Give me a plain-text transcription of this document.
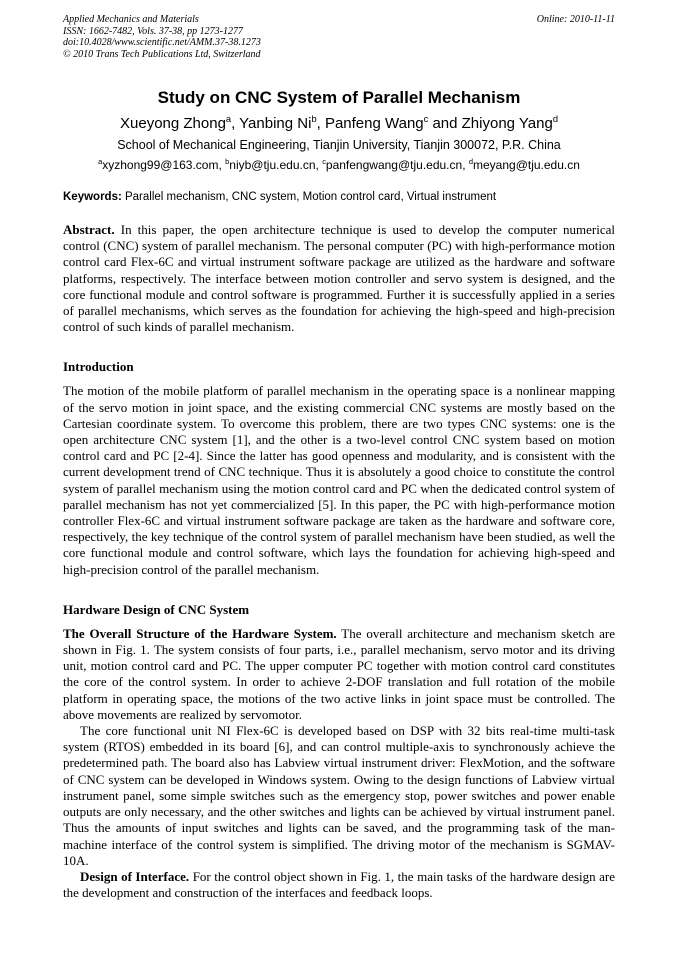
Applied Mechanics and Materials
ISSN: 1662-7482, Vols. 37-38, pp 1273-1277
doi:10.4028/www.scientific.net/AMM.37-38.1273
© 2010 Trans Tech Publications Ltd, Switzerland
Online: 2010-11-11
Study on CNC System of Parallel Mechanism
Xueyong Zhong$^a$, Yanbing Ni$^b$, Panfeng Wang$^c$ and Zhiyong Yang$^d$
School of Mechanical Engineering, Tianjin University, Tianjin 300072, P.R. China
$^a$xyzhong99@163.com, $^b$niyb@tju.edu.cn, $^c$panfengwang@tju.edu.cn, $^d$meyang@tju.edu.cn
Keywords: Parallel mechanism, CNC system, Motion control card, Virtual instrument

Abstract. In this paper, the open architecture technique is used to develop the computer numerical control (CNC) system of parallel mechanism. The personal computer (PC) with high-performance motion control card Flex-6C and virtual instrument software package are utilized as the hardware and software platforms, respectively. The interface between motion controller and servo system is designed, and the core functional module and control software is programmed. Further it is successfully applied in a series of parallel mechanisms, which serves as the foundation for achieving the high-speed and high-precision control of such kinds of parallel mechanism.

Introduction

The motion of the mobile platform of parallel mechanism in the operating space is a nonlinear mapping of the servo motion in joint space, and the existing commercial CNC systems are mostly based on the Cartesian coordinate system. To overcome this problem, there are two types CNC systems: one is the open architecture CNC system [1], and the other is a two-level control CNC system based on motion control card and PC [2-4]. Since the latter has good openness and modularity, and is consistent with the current development trend of CNC technique. Thus it is absolutely a good choice to constitute the control system of parallel mechanism using the motion control card and PC when the dedicated control system of parallel mechanism has not yet commercialized [5]. In this paper, the PC with high-performance motion controller Flex-6C and virtual instrument software package are taken as the hardware and software core, respectively, the key technique of the control system of parallel mechanism have been studied, as well the core functional module and control software, which lays the foundation for achieving high-speed and high-precision control of the parallel mechanism.

Hardware Design of CNC System

The Overall Structure of the Hardware System. The overall architecture and mechanism sketch are shown in Fig. 1. The system consists of four parts, i.e., parallel mechanism, servo motor and its driving unit, motion control card and PC. The upper computer PC together with motion control card constitutes the core of the control system. In order to achieve 2-DOF translation and full rotation of the mobile platform in operating space, the motions of the two active links in joint space must be controlled. The above movements are realized by servomotor.

The core functional unit NI Flex-6C is developed based on DSP with 32 bits real-time multi-task system (RTOS) embedded in its board [6], and can control multiple-axis to synchronously achieve the predetermined path. The board also has Labview virtual instrument driver: FlexMotion, and the software of CNC system can be developed in Windows system. Owing to the design functions of Labview virtual instrument panel, some simple switches such as the emergency stop, power switches and power enable outputs are only necessary, and the other switches and lights can be achieved by virtual instrument panel. Thus the amounts of input switches and lights can be saved, and the programming task of the man-machine interface of the control system is simplified. The driving motor of the mechanism is SGMAV-10A.

Design of Interface. For the control object shown in Fig. 1, the main tasks of the hardware design are the development and construction of the interfaces and feedback loops.
